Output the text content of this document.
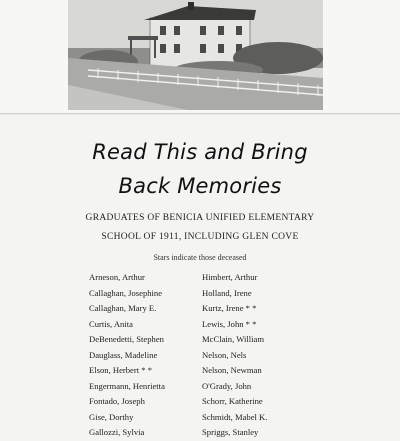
Read This and Bring
Back Memories
GRADUATES OF BENICIA UNIFIED ELEMENTARY
SCHOOL OF 1911, INCLUDING GLEN COVE
Stars indicate those deceased
Arneson, Arthur
Callaghan, Josephine
Callaghan, Mary E.
Curtis, Anita
DeBenedetti, Stephen
Dauglass, Madeline
Elson, Herbert * *
Engermann, Henrietta
Fontado, Joseph
Gise, Dorthy
Gallozzi, Sylvia
Himbert, Arthur
Holland, Irene
Kurtz, Irene * *
Lewis, John * *
McClain, William
Nelson, Nels
Nelson, Newman
O'Grady, John
Schorr, Katherine
Schmidt, Mabel K.
Spriggs, Stanley
